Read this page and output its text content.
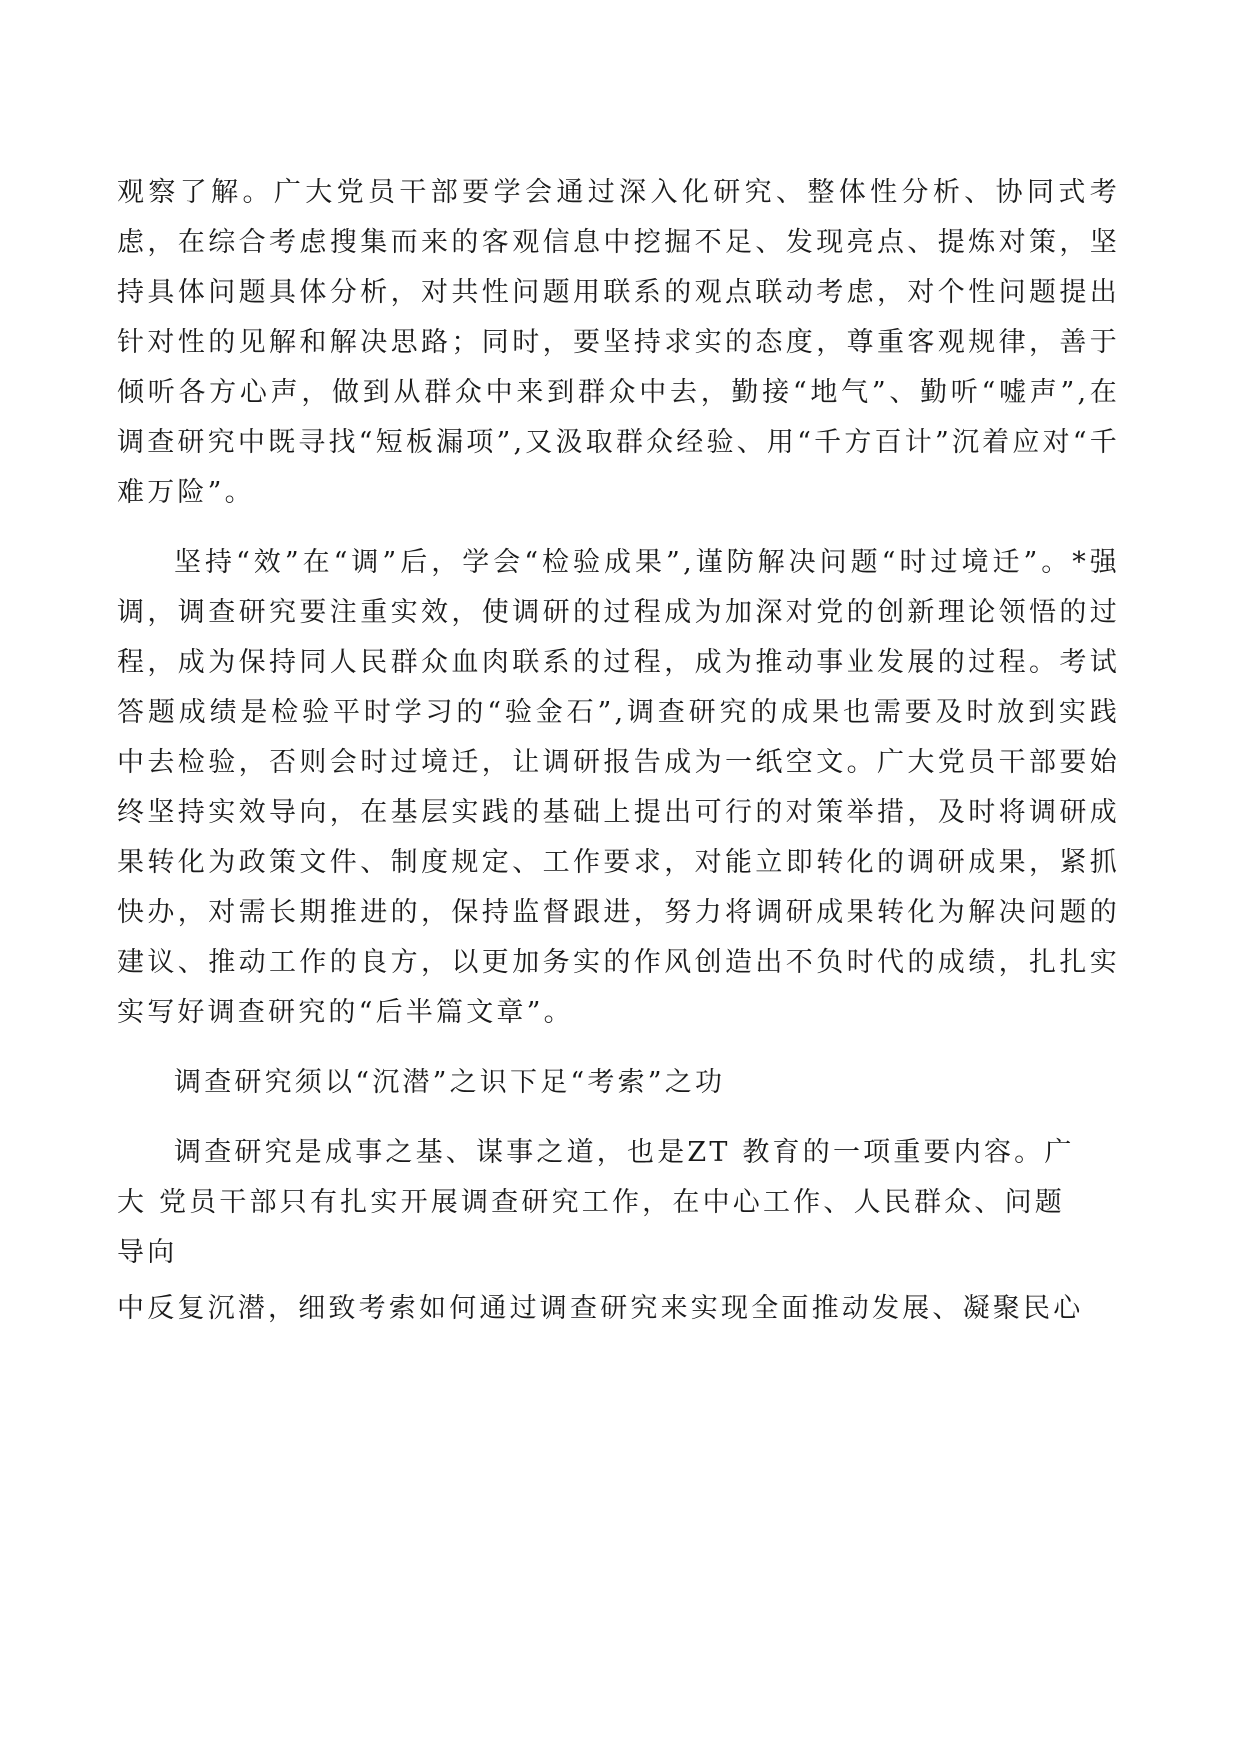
观察了解。广大党员干部要学会通过深入化研究、整体性分析、协同式考虑，在综合考虑搜集而来的客观信息中挖掘不足、发现亮点、提炼对策，坚持具体问题具体分析，对共性问题用联系的观点联动考虑，对个性问题提出针对性的见解和解决思路；同时，要坚持求实的态度，尊重客观规律，善于倾听各方心声，做到从群众中来到群众中去，勤接“地气”、勤听“嘘声”,在调查研究中既寻找“短板漏项”,又汲取群众经验、用“千方百计”沉着应对“千难万险”。

坚持“效”在“调”后，学会“检验成果”,谨防解决问题“时过境迁”。*强调，调查研究要注重实效，使调研的过程成为加深对党的创新理论领悟的过程，成为保持同人民群众血肉联系的过程，成为推动事业发展的过程。考试答题成绩是检验平时学习的“验金石”,调查研究的成果也需要及时放到实践中去检验，否则会时过境迁，让调研报告成为一纸空文。广大党员干部要始终坚持实效导向，在基层实践的基础上提出可行的对策举措，及时将调研成果转化为政策文件、制度规定、工作要求，对能立即转化的调研成果，紧抓快办，对需长期推进的，保持监督跟进，努力将调研成果转化为解决问题的建议、推动工作的良方，以更加务实的作风创造出不负时代的成绩，扎扎实实写好调查研究的“后半篇文章”。

调查研究须以“沉潜”之识下足“考索”之功

调查研究是成事之基、谋事之道，也是ZT 教育的一项重要内容。广

大 党员干部只有扎实开展调查研究工作，在中心工作、人民群众、问题

导向

中反复沉潜，细致考索如何通过调查研究来实现全面推动发展、凝聚民心
